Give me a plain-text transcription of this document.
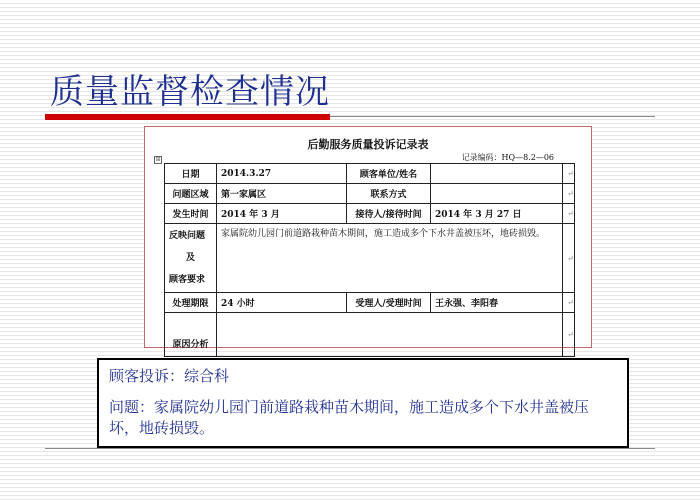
质量监督检查情况
⊞
后勤服务质量投诉记录表
记录编码：HQ—8.2—06
日期	2014.3.27	顾客单位/姓名		↵
问题区域	第一家属区	联系方式		↵
发生时间	2014 年 3 月	接待人/接待时间	2014 年 3 月 27 日	↵

反映问题
及
顾客要求	家属院幼儿园门前道路栽种苗木期间，施工造成多个下水井盖被压坏，地砖损毁。			↵
处理期限	24 小时	受理人/受理时间	王永强、李阳春	↵
原因分析				↵

顾客投诉：综合科

问题：家属院幼儿园门前道路栽种苗木期间，施工造成多个下水井盖被压坏，地砖损毁。
